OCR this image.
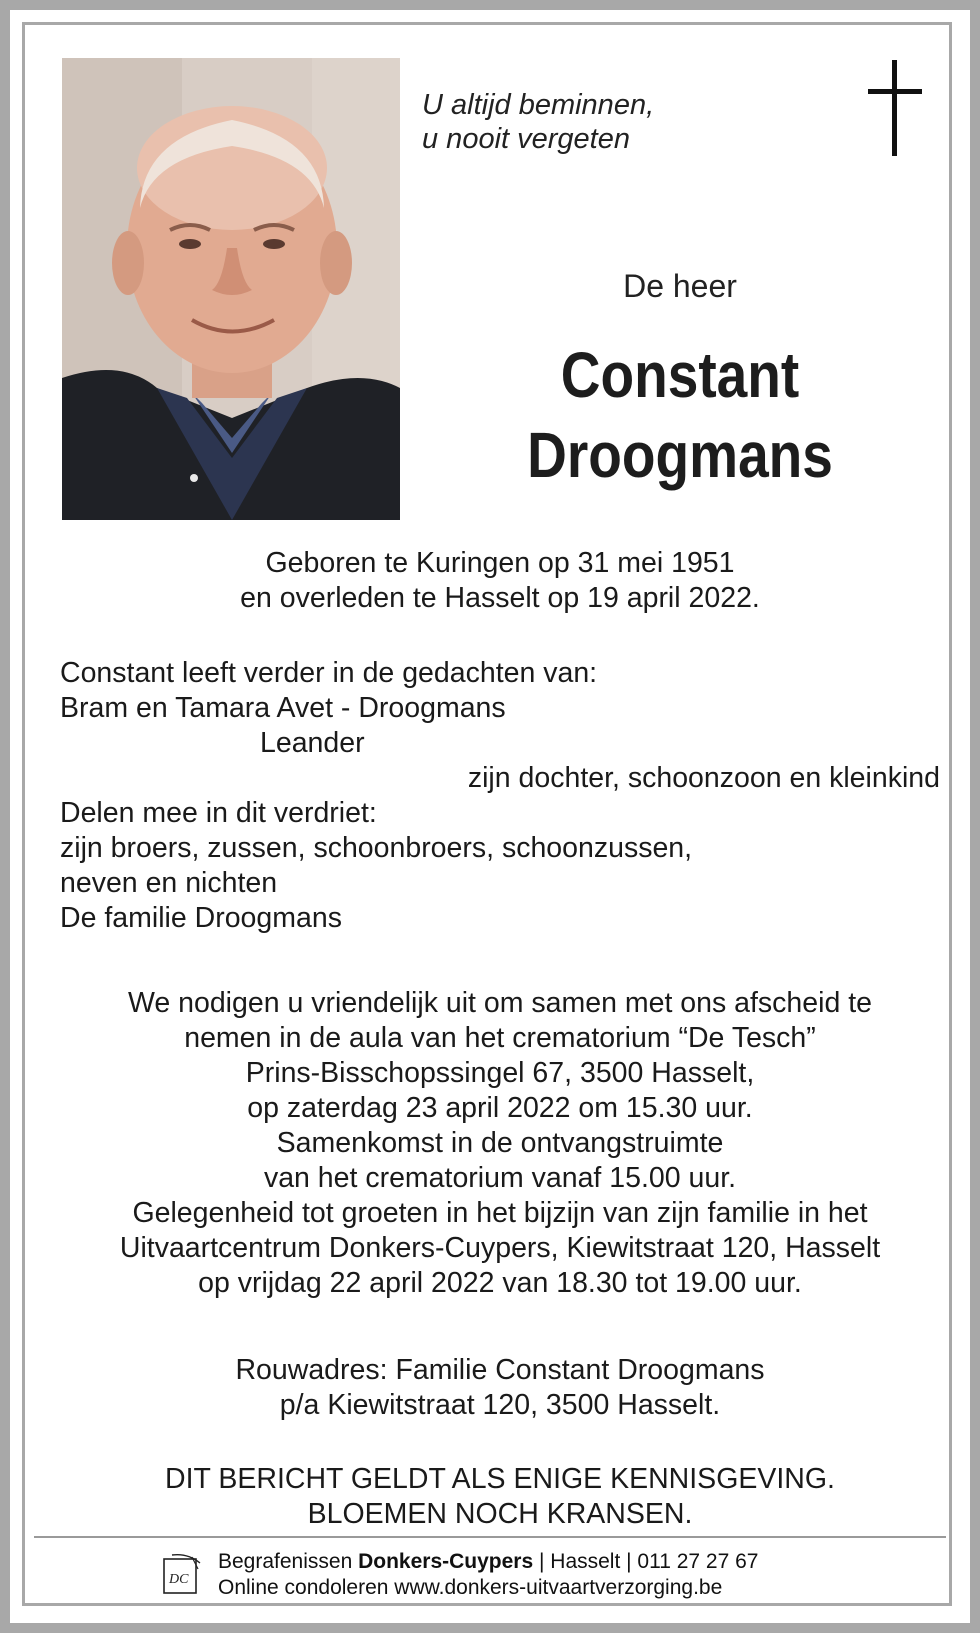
U altijd beminnen,
u nooit vergeten
De heer
Constant
Droogmans
Geboren te Kuringen op 31 mei 1951
en overleden te Hasselt op 19 april 2022.
Constant leeft verder in de gedachten van:
Bram en Tamara Avet - Droogmans
Leander
zijn dochter, schoonzoon en kleinkind
Delen mee in dit verdriet:
zijn broers, zussen, schoonbroers, schoonzussen,
neven en nichten
De familie Droogmans
We nodigen u vriendelijk uit om samen met ons afscheid te
nemen in de aula van het crematorium “De Tesch”
Prins-Bisschopssingel 67, 3500 Hasselt,
op zaterdag 23 april 2022 om 15.30 uur.
Samenkomst in de ontvangstruimte
van het crematorium vanaf 15.00 uur.
Gelegenheid tot groeten in het bijzijn van zijn familie in het
Uitvaartcentrum Donkers-Cuypers, Kiewitstraat 120, Hasselt
op vrijdag 22 april 2022 van 18.30 tot 19.00 uur.
Rouwadres: Familie Constant Droogmans
p/a Kiewitstraat 120, 3500 Hasselt.
DIT BERICHT GELDT ALS ENIGE KENNISGEVING.
BLOEMEN NOCH KRANSEN.
DC
Begrafenissen Donkers-Cuypers | Hasselt | 011 27 27 67
Online condoleren www.donkers-uitvaartverzorging.be
